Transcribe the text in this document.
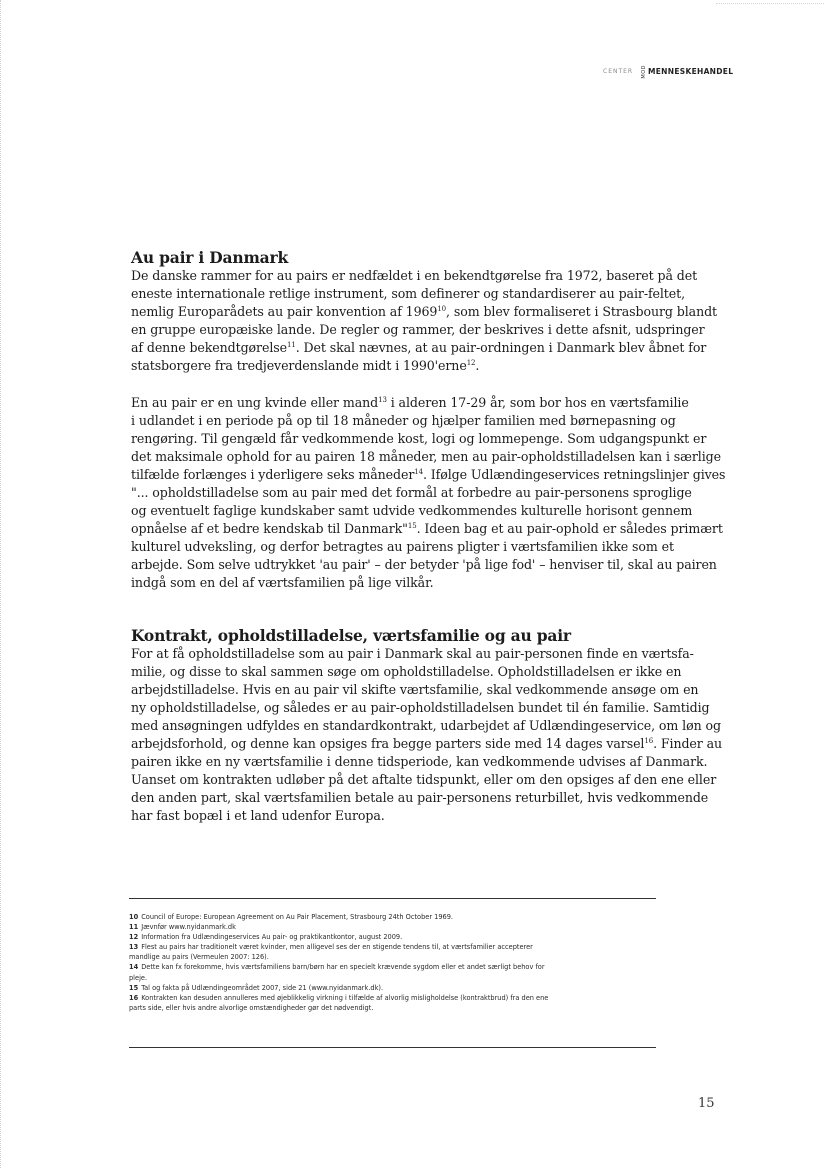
CENTER MOD MENNESKEHANDEL
Au pair i Danmark

De danske rammer for au pairs er nedfældet i en bekendtgørelse fra 1972, baseret på det
eneste internationale retlige instrument, som definerer og standardiserer au pair-feltet,
nemlig Europarådets au pair konvention af 1969$^{10}$, som blev formaliseret i Strasbourg blandt
en gruppe europæiske lande. De regler og rammer, der beskrives i dette afsnit, udspringer
af denne bekendtgørelse$^{11}$. Det skal nævnes, at au pair-ordningen i Danmark blev åbnet for
statsborgere fra tredjeverdenslande midt i 1990'erne$^{12}$.

En au pair er en ung kvinde eller mand$^{13}$ i alderen 17-29 år, som bor hos en værtsfamilie
i udlandet i en periode på op til 18 måneder og hjælper familien med børnepasning og
rengøring. Til gengæld får vedkommende kost, logi og lommepenge. Som udgangspunkt er
det maksimale ophold for au pairen 18 måneder, men au pair-opholdstilladelsen kan i særlige
tilfælde forlænges i yderligere seks måneder$^{14}$. Ifølge Udlændingeservices retningslinjer gives
"... opholdstilladelse som au pair med det formål at forbedre au pair-personens sproglige
og eventuelt faglige kundskaber samt udvide vedkommendes kulturelle horisont gennem
opnåelse af et bedre kendskab til Danmark"$^{15}$. Ideen bag et au pair-ophold er således primært
kulturel udveksling, og derfor betragtes au pairens pligter i værtsfamilien ikke som et
arbejde. Som selve udtrykket 'au pair' – der betyder 'på lige fod' – henviser til, skal au pairen
indgå som en del af værtsfamilien på lige vilkår.

Kontrakt, opholdstilladelse, værtsfamilie og au pair

For at få opholdstilladelse som au pair i Danmark skal au pair-personen finde en værtsfa-
milie, og disse to skal sammen søge om opholdstilladelse. Opholdstilladelsen er ikke en
arbejdstilladelse. Hvis en au pair vil skifte værtsfamilie, skal vedkommende ansøge om en
ny opholdstilladelse, og således er au pair-opholdstilladelsen bundet til én familie. Samtidig
med ansøgningen udfyldes en standardkontrakt, udarbejdet af Udlændingeservice, om løn og
arbejdsforhold, og denne kan opsiges fra begge parters side med 14 dages varsel$^{16}$. Finder au
pairen ikke en ny værtsfamilie i denne tidsperiode, kan vedkommende udvises af Danmark.
Uanset om kontrakten udløber på det aftalte tidspunkt, eller om den opsiges af den ene eller
den anden part, skal værtsfamilien betale au pair-personens returbillet, hvis vedkommende
har fast bopæl i et land udenfor Europa.

10 Council of Europe: European Agreement on Au Pair Placement, Strasbourg 24th October 1969.
11 Jævnfør www.nyidanmark.dk
12 Information fra Udlændingeservices Au pair- og praktikantkontor, august 2009.
13 Flest au pairs har traditionelt været kvinder, men alligevel ses der en stigende tendens til, at værtsfamilier accepterer
mandlige au pairs (Vermeulen 2007: 126).
14 Dette kan fx forekomme, hvis værtsfamiliens barn/børn har en specielt krævende sygdom eller et andet særligt behov for
pleje.
15 Tal og fakta på Udlændingeområdet 2007, side 21 (www.nyidanmark.dk).
16 Kontrakten kan desuden annulleres med øjeblikkelig virkning i tilfælde af alvorlig misligholdelse (kontraktbrud) fra den ene
parts side, eller hvis andre alvorlige omstændigheder gør det nødvendigt.
15
